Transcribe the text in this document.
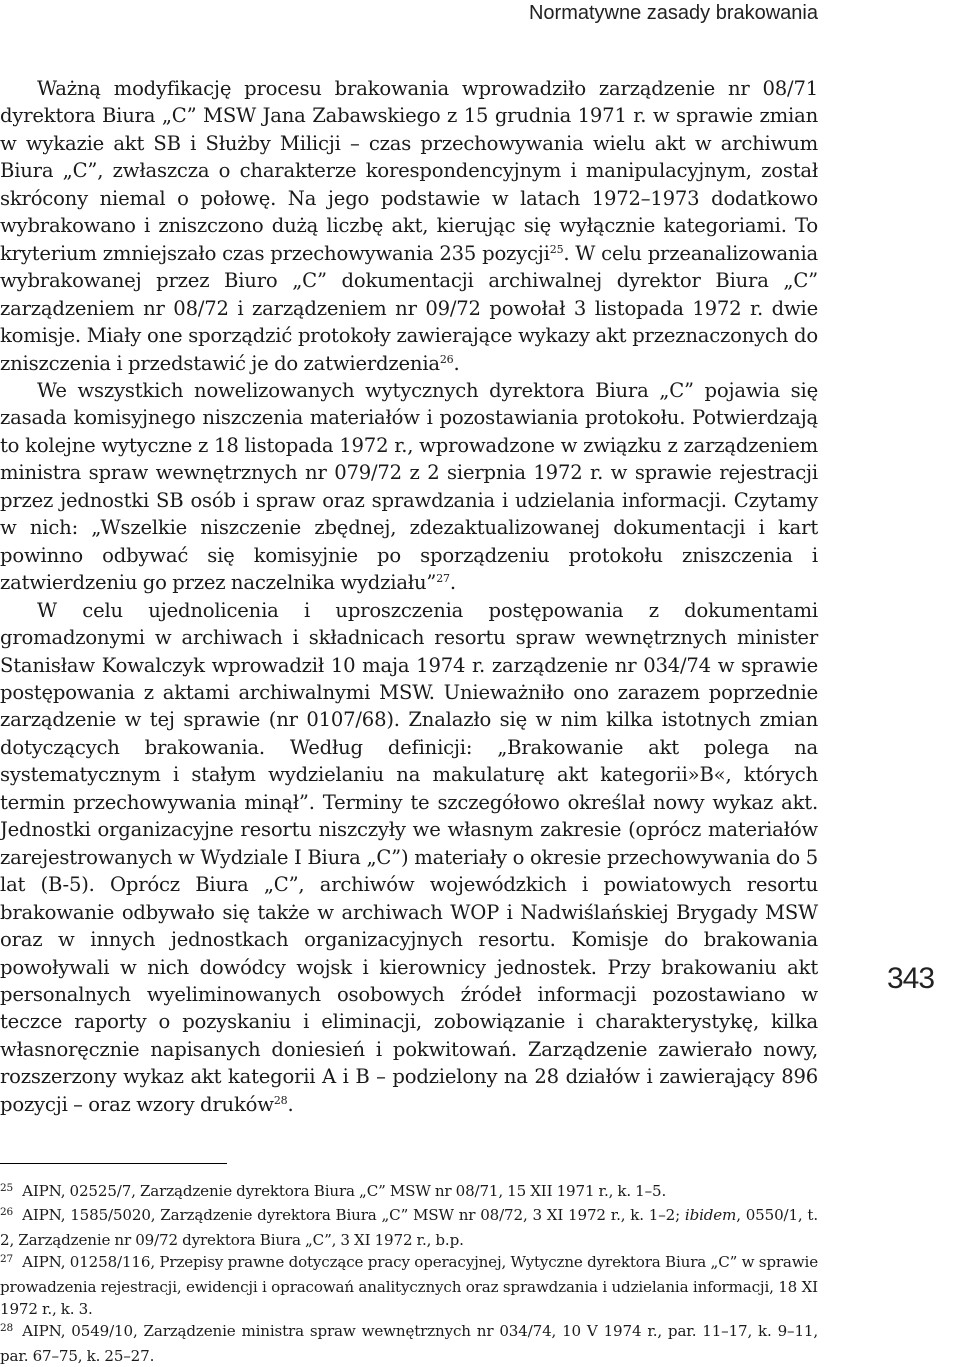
Normatywne zasady brakowania

Ważną modyfikację procesu brakowania wprowadziło zarządzenie nr 08/71 dyrektora Biura „C” MSW Jana Zabawskiego z 15 grudnia 1971 r. w sprawie zmian w wykazie akt SB i Służby Milicji – czas przechowywania wielu akt w archiwum Biura „C”, zwłaszcza o charakterze korespondencyjnym i manipulacyjnym, został skrócony niemal o połowę. Na jego podstawie w latach 1972–1973 dodatkowo wybrakowano i zniszczono dużą liczbę akt, kierując się wyłącznie kategoriami. To kryterium zmniejszało czas przechowywania 235 pozycji$^{25}$. W celu przeanalizowania wybrakowanej przez Biuro „C” dokumentacji archiwalnej dyrektor Biura „C” zarządzeniem nr 08/72 i zarządzeniem nr 09/72 powołał 3 listopada 1972 r. dwie komisje. Miały one sporządzić protokoły zawierające wykazy akt przeznaczonych do zniszczenia i przedstawić je do zatwierdzenia$^{26}$.

We wszystkich nowelizowanych wytycznych dyrektora Biura „C” pojawia się zasada komisyjnego niszczenia materiałów i pozostawiania protokołu. Potwierdzają to kolejne wytyczne z 18 listopada 1972 r., wprowadzone w związku z zarządzeniem ministra spraw wewnętrznych nr 079/72 z 2 sierpnia 1972 r. w sprawie rejestracji przez jednostki SB osób i spraw oraz sprawdzania i udzielania informacji. Czytamy w nich: „Wszelkie niszczenie zbędnej, zdezaktualizowanej dokumentacji i kart powinno odbywać się komisyjnie po sporządzeniu protokołu zniszczenia i zatwierdzeniu go przez naczelnika wydziału”$^{27}$.

W celu ujednolicenia i uproszczenia postępowania z dokumentami gromadzonymi w archiwach i składnicach resortu spraw wewnętrznych minister Stanisław Kowalczyk wprowadził 10 maja 1974 r. zarządzenie nr 034/74 w sprawie postępowania z aktami archiwalnymi MSW. Unieważniło ono zarazem poprzednie zarządzenie w tej sprawie (nr 0107/68). Znalazło się w nim kilka istotnych zmian dotyczących brakowania. Według definicji: „Brakowanie akt polega na systematycznym i stałym wydzielaniu na makulaturę akt kategorii»B«, których termin przechowywania minął”. Terminy te szczegółowo określał nowy wykaz akt. Jednostki organizacyjne resortu niszczyły we własnym zakresie (oprócz materiałów zarejestrowanych w Wydziale I Biura „C”) materiały o okresie przechowywania do 5 lat (B-5). Oprócz Biura „C”, archiwów wojewódzkich i powiatowych resortu brakowanie odbywało się także w archiwach WOP i Nadwiślańskiej Brygady MSW oraz w innych jednostkach organizacyjnych resortu. Komisje do brakowania powoływali w nich dowódcy wojsk i kierownicy jednostek. Przy brakowaniu akt personalnych wyeliminowanych osobowych źródeł informacji pozostawiano w teczce raporty o pozyskaniu i eliminacji, zobowiązanie i charakterystykę, kilka własnoręcznie napisanych doniesień i pokwitowań. Zarządzenie zawierało nowy, rozszerzony wykaz akt kategorii A i B – podzielony na 28 działów i zawierający 896 pozycji – oraz wzory druków$^{28}$.

343

$^{25}$ AIPN, 02525/7, Zarządzenie dyrektora Biura „C” MSW nr 08/71, 15 XII 1971 r., k. 1–5.

$^{26}$ AIPN, 1585/5020, Zarządzenie dyrektora Biura „C” MSW nr 08/72, 3 XI 1972 r., k. 1–2; ibidem, 0550/1, t. 2, Zarządzenie nr 09/72 dyrektora Biura „C”, 3 XI 1972 r., b.p.

$^{27}$ AIPN, 01258/116, Przepisy prawne dotyczące pracy operacyjnej, Wytyczne dyrektora Biura „C” w sprawie prowadzenia rejestracji, ewidencji i opracowań analitycznych oraz sprawdzania i udzielania informacji, 18 XI 1972 r., k. 3.

$^{28}$ AIPN, 0549/10, Zarządzenie ministra spraw wewnętrznych nr 034/74, 10 V 1974 r., par. 11–17, k. 9–11, par. 67–75, k. 25–27.
